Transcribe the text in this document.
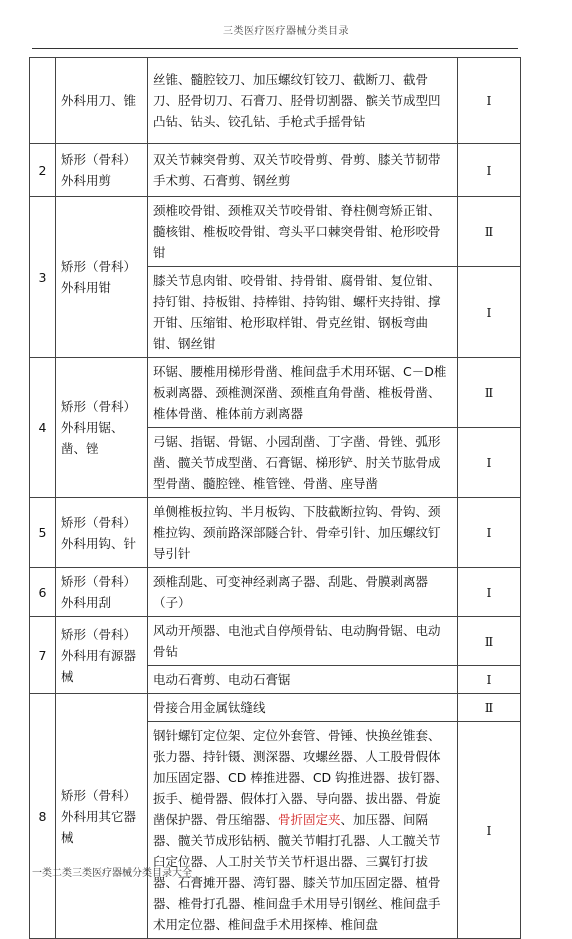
三类医疗医疗器械分类目录
	外科用刀、锥	丝锥、髓腔铰刀、加压螺纹钉铰刀、截断刀、截骨刀、胫骨切刀、石膏刀、胫骨切割器、髌关节成型凹凸钻、钻头、铰孔钻、手枪式手摇骨钻	Ⅰ
2	矫形（骨科）外科用剪	双关节棘突骨剪、双关节咬骨剪、骨剪、膝关节韧带手术剪、石膏剪、钢丝剪	Ⅰ
3	矫形（骨科）外科用钳	颈椎咬骨钳、颈椎双关节咬骨钳、脊柱侧弯矫正钳、髓核钳、椎板咬骨钳、弯头平口棘突骨钳、枪形咬骨钳	Ⅱ
		膝关节息肉钳、咬骨钳、持骨钳、腐骨钳、复位钳、持钉钳、持板钳、持棒钳、持钩钳、螺杆夹持钳、撑开钳、压缩钳、枪形取样钳、骨克丝钳、钢板弯曲钳、钢丝钳	Ⅰ
4	矫形（骨科）外科用锯、凿、锉	环锯、腰椎用梯形骨凿、椎间盘手术用环锯、C－D椎板剥离器、颈椎测深凿、颈椎直角骨凿、椎板骨凿、椎体骨凿、椎体前方剥离器	Ⅱ
		弓锯、指锯、骨锯、小园刮凿、丁字凿、骨锉、弧形凿、髋关节成型凿、石膏锯、梯形铲、肘关节肱骨成型骨凿、髓腔锉、椎管锉、骨凿、座导凿	Ⅰ
5	矫形（骨科）外科用钩、针	单侧椎板拉钩、半月板钩、下肢截断拉钩、骨钩、颈椎拉钩、颈前路深部隧合针、骨牵引针、加压螺纹钉导引针	Ⅰ
6	矫形（骨科）外科用刮	颈椎刮匙、可变神经剥离子器、刮匙、骨膜剥离器（子）	Ⅰ
7	矫形（骨科）外科用有源器械	风动开颅器、电池式自停颅骨钻、电动胸骨锯、电动骨钻	Ⅱ
		电动石膏剪、电动石膏锯	Ⅰ
8	矫形（骨科）外科用其它器械	骨接合用金属钛缝线	Ⅱ
		钢针螺钉定位架、定位外套管、骨锤、快换丝锥套、张力器、持针镊、测深器、攻螺丝器、人工股骨假体加压固定器、CD 棒推进器、CD 钩推进器、拔钉器、扳手、槌骨器、假体打入器、导向器、拔出器、骨旋凿保护器、骨压缩器、骨折固定夹、加压器、间隔器、髋关节成形钻柄、髋关节帽打孔器、人工髋关节臼定位器、人工肘关节关节杆退出器、三翼钉打拔器、石膏摊开器、湾钉器、膝关节加压固定器、植骨器、椎骨打孔器、椎间盘手术用导引钢丝、椎间盘手术用定位器、椎间盘手术用探棒、椎间盘	Ⅰ
一类二类三类医疗器械分类目录大全
